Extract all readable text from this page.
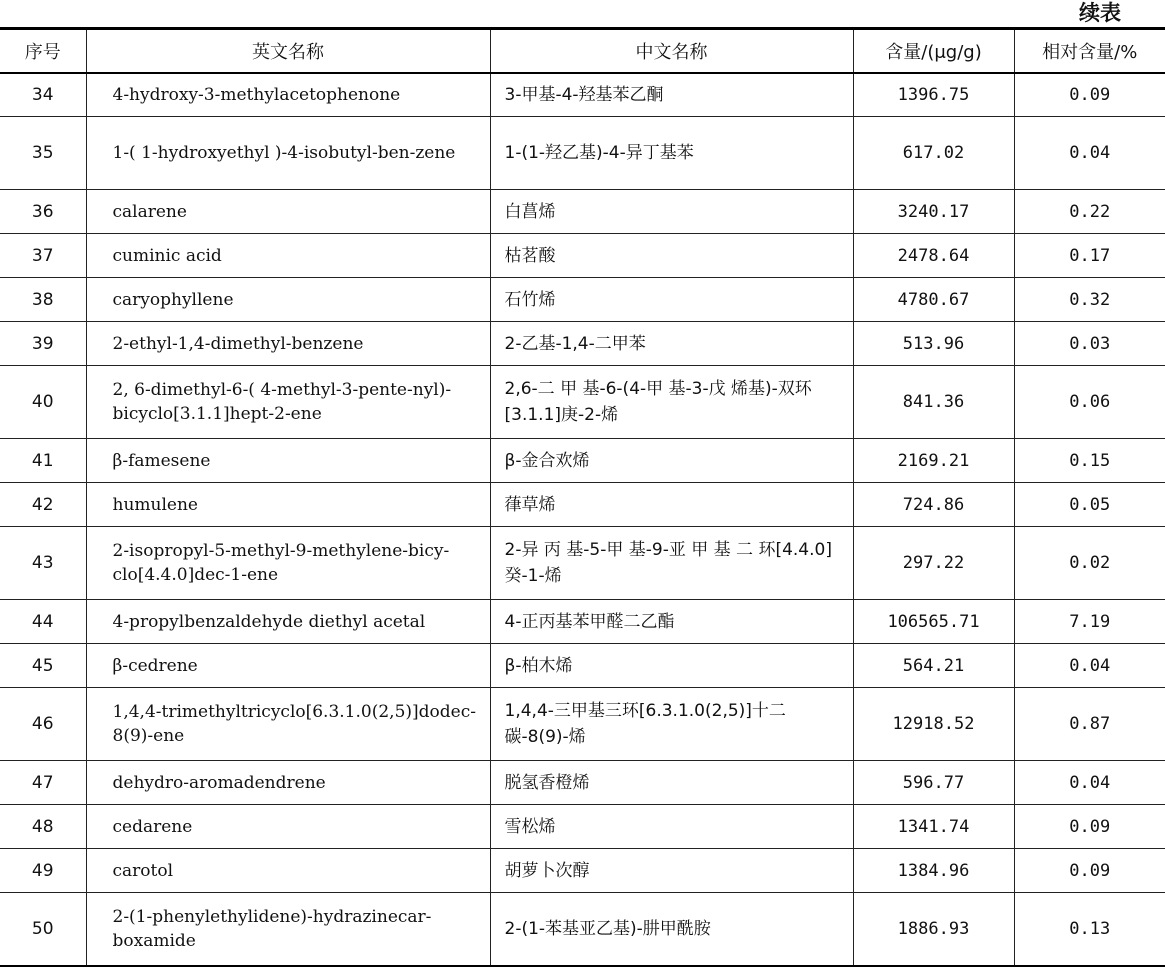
续表
序号	英文名称	中文名称	含量/(μg/g)	相对含量/%
34	4-hydroxy-3-methylacetophenone	3-甲基-4-羟基苯乙酮	1396.75	0.09
35	1-( 1-hydroxyethyl )-4-isobutyl-ben-zene	1-(1-羟乙基)-4-异丁基苯	617.02	0.04
36	calarene	白菖烯	3240.17	0.22
37	cuminic acid	枯茗酸	2478.64	0.17
38	caryophyllene	石竹烯	4780.67	0.32
39	2-ethyl-1,4-dimethyl-benzene	2-乙基-1,4-二甲苯	513.96	0.03
40	2, 6-dimethyl-6-( 4-methyl-3-pente-nyl)-bicyclo[3.1.1]hept-2-ene	2,6-二 甲 基-6-(4-甲 基-3-戊 烯基)-双环[3.1.1]庚-2-烯	841.36	0.06
41	β-famesene	β-金合欢烯	2169.21	0.15
42	humulene	葎草烯	724.86	0.05
43	2-isopropyl-5-methyl-9-methylene-bicy-clo[4.4.0]dec-1-ene	2-异 丙 基-5-甲 基-9-亚 甲 基 二 环[4.4.0]癸-1-烯	297.22	0.02
44	4-propylbenzaldehyde diethyl acetal	4-正丙基苯甲醛二乙酯	106565.71	7.19
45	β-cedrene	β-柏木烯	564.21	0.04
46	1,4,4-trimethyltricyclo[6.3.1.0(2,5)]dodec-8(9)-ene	1,4,4-三甲基三环[6.3.1.0(2,5)]十二碳-8(9)-烯	12918.52	0.87
47	dehydro-aromadendrene	脱氢香橙烯	596.77	0.04
48	cedarene	雪松烯	1341.74	0.09
49	carotol	胡萝卜次醇	1384.96	0.09
50	2-(1-phenylethylidene)-hydrazinecar-boxamide	2-(1-苯基亚乙基)-肼甲酰胺	1886.93	0.13
